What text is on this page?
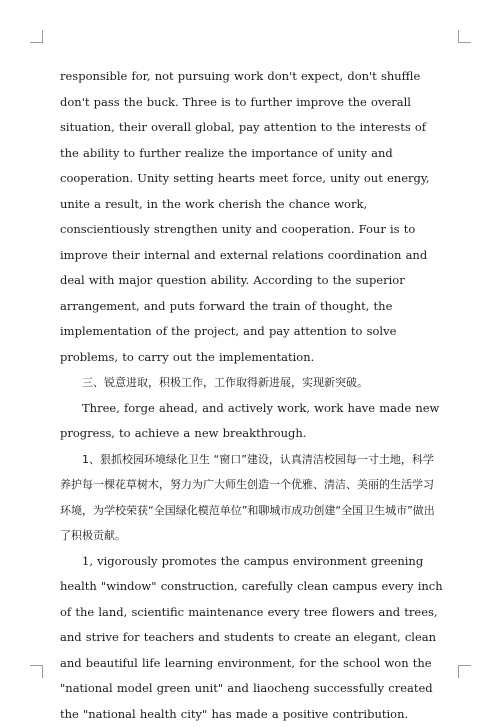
responsible for, not pursuing work don't expect, don't shuffle don't pass the buck. Three is to further improve the overall situation, their overall global, pay attention to the interests of the ability to further realize the importance of unity and cooperation. Unity setting hearts meet force, unity out energy, unite a result, in the work cherish the chance work, conscientiously strengthen unity and cooperation. Four is to improve their internal and external relations coordination and deal with major question ability. According to the superior arrangement, and puts forward the train of thought, the implementation of the project, and pay attention to solve problems, to carry out the implementation.

三、锐意进取，积极工作，工作取得新进展，实现新突破。

Three, forge ahead, and actively work, work have made new progress, to achieve a new breakthrough.

1、狠抓校园环境绿化卫生 “窗口”建设，认真清洁校园每一寸土地，科学养护每一棵花草树木，努力为广大师生创造一个优雅、清洁、美丽的生活学习环境，为学校荣获“全国绿化模范单位”和聊城市成功创建“全国卫生城市”做出了积极贡献。

1, vigorously promotes the campus environment greening health "window" construction, carefully clean campus every inch of the land, scientific maintenance every tree flowers and trees, and strive for teachers and students to create an elegant, clean and beautiful life learning environment, for the school won the "national model green unit" and liaocheng successfully created the "national health city" has made a positive contribution.
